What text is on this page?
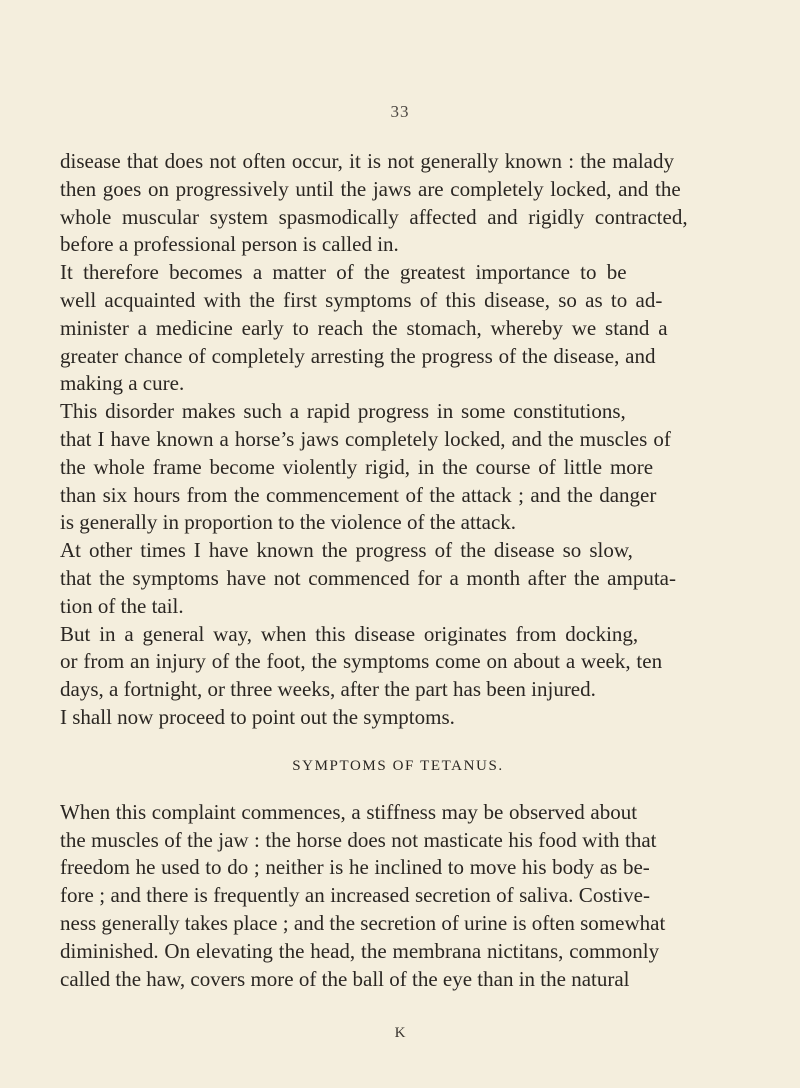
33
disease that does not often occur, it is not generally known : the malady
then goes on progressively until the jaws are completely locked, and the
whole muscular system spasmodically affected and rigidly contracted,
before a professional person is called in.
It therefore becomes a matter of the greatest importance to be
well acquainted with the first symptoms of this disease, so as to ad-
minister a medicine early to reach the stomach, whereby we stand a
greater chance of completely arresting the progress of the disease, and
making a cure.
This disorder makes such a rapid progress in some constitutions,
that I have known a horse’s jaws completely locked, and the muscles of
the whole frame become violently rigid, in the course of little more
than six hours from the commencement of the attack ; and the danger
is generally in proportion to the violence of the attack.
At other times I have known the progress of the disease so slow,
that the symptoms have not commenced for a month after the amputa-
tion of the tail.
But in a general way, when this disease originates from docking,
or from an injury of the foot, the symptoms come on about a week, ten
days, a fortnight, or three weeks, after the part has been injured.
I shall now proceed to point out the symptoms.
SYMPTOMS OF TETANUS.
When this complaint commences, a stiffness may be observed about
the muscles of the jaw : the horse does not masticate his food with that
freedom he used to do ; neither is he inclined to move his body as be-
fore ; and there is frequently an increased secretion of saliva. Costive-
ness generally takes place ; and the secretion of urine is often somewhat
diminished. On elevating the head, the membrana nictitans, commonly
called the haw, covers more of the ball of the eye than in the natural
K
